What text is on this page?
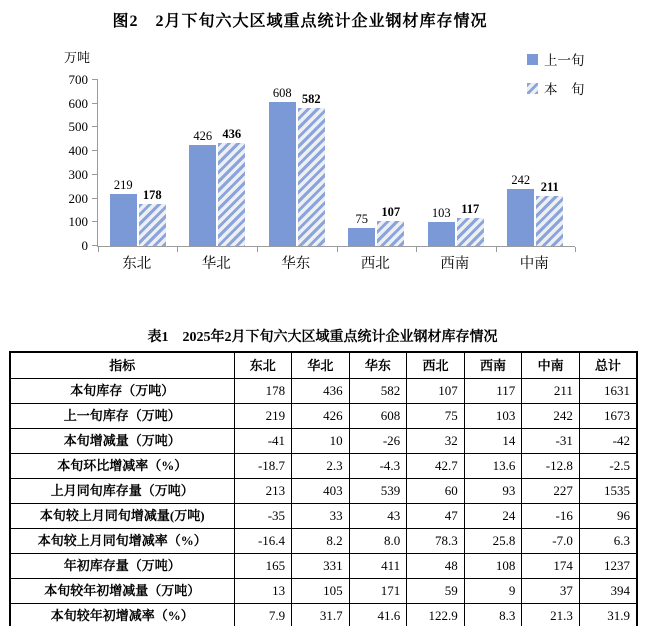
图2　2月下旬六大区域重点统计企业钢材库存情况
万吨	上一旬
本　旬
219
178
426 436
608 582
75
107	103 117
242
211
0
100
200
300
400
500
600
700
东北	华北	华东	西北	西南	中南
表1　2025年2月下旬六大区域重点统计企业钢材库存情况
指标	东北	华北	华东	西北	西南	中南	总计
本旬库存（万吨）	178	436	582	107	117	211	1631
上一旬库存（万吨）	219	426	608	75	103	242	1673
本旬增减量（万吨）	-41	10	-26	32	14	-31	-42
本旬环比增减率（%）	-18.7	2.3	-4.3	42.7	13.6	-12.8	-2.5
上月同旬库存量（万吨）	213	403	539	60	93	227	1535
本旬较上月同旬增减量(万吨)	-35	33	43	47	24	-16	96
本旬较上月同旬增减率（%）	-16.4	8.2	8.0	78.3	25.8	-7.0	6.3
年初库存量（万吨）	165	331	411	48	108	174	1237
本旬较年初增减量（万吨）	13	105	171	59	9	37	394
本旬较年初增减率（%）	7.9	31.7	41.6	122.9	8.3	21.3	31.9
